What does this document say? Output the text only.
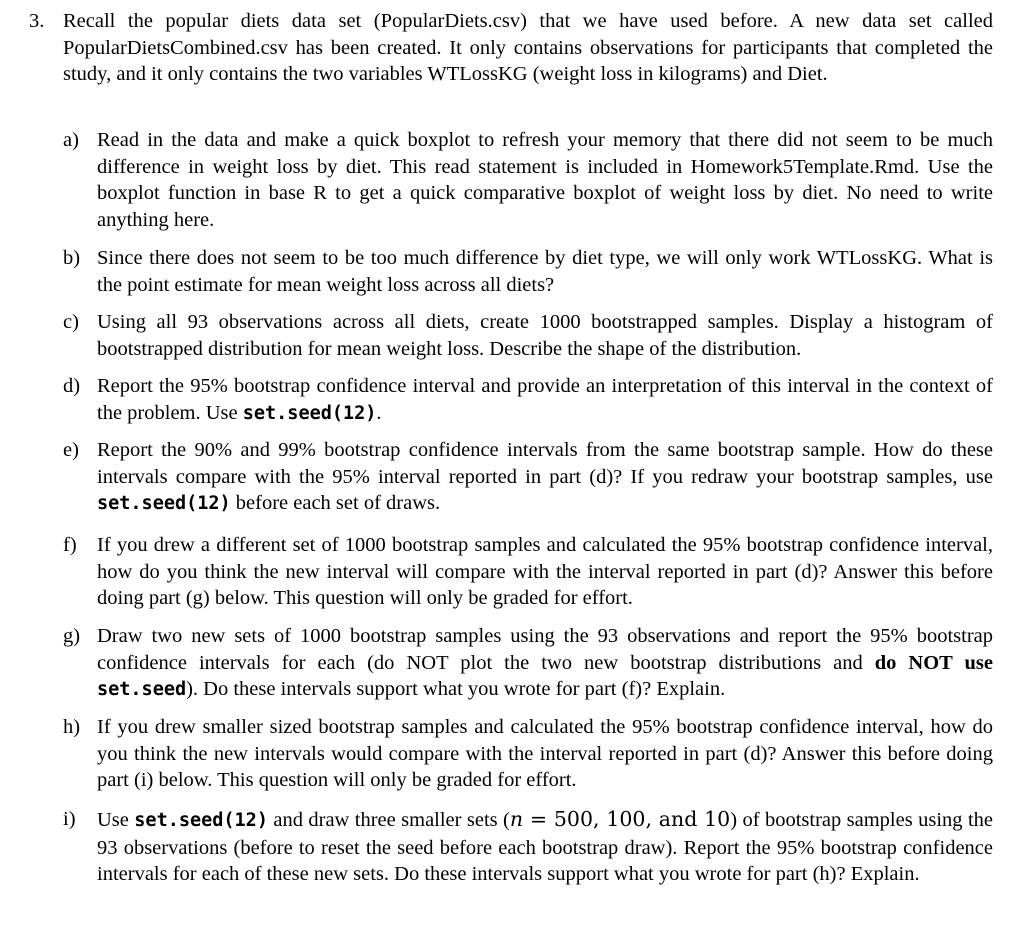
3. Recall the popular diets data set (PopularDiets.csv) that we have used before. A new data set called PopularDietsCombined.csv has been created. It only contains observations for participants that completed the study, and it only contains the two variables WTLossKG (weight loss in kilograms) and Diet.

a) Read in the data and make a quick boxplot to refresh your memory that there did not seem to be much difference in weight loss by diet. This read statement is included in Homework5Template.Rmd. Use the boxplot function in base R to get a quick comparative boxplot of weight loss by diet. No need to write anything here.

b) Since there does not seem to be too much difference by diet type, we will only work WTLossKG. What is the point estimate for mean weight loss across all diets?

c) Using all 93 observations across all diets, create 1000 bootstrapped samples. Display a histogram of bootstrapped distribution for mean weight loss. Describe the shape of the distribution.

d) Report the 95% bootstrap confidence interval and provide an interpretation of this interval in the context of the problem. Use set.seed(12).

e) Report the 90% and 99% bootstrap confidence intervals from the same bootstrap sample. How do these intervals compare with the 95% interval reported in part (d)? If you redraw your bootstrap samples, use set.seed(12) before each set of draws.

f) If you drew a different set of 1000 bootstrap samples and calculated the 95% bootstrap confidence interval, how do you think the new interval will compare with the interval reported in part (d)? Answer this before doing part (g) below. This question will only be graded for effort.

g) Draw two new sets of 1000 bootstrap samples using the 93 observations and report the 95% bootstrap confidence intervals for each (do NOT plot the two new bootstrap distributions and do NOT use set.seed). Do these intervals support what you wrote for part (f)? Explain.

h) If you drew smaller sized bootstrap samples and calculated the 95% bootstrap confidence interval, how do you think the new intervals would compare with the interval reported in part (d)? Answer this before doing part (i) below. This question will only be graded for effort.

i)	Use set.seed(12) and draw three smaller sets (n = 500, 100, and 10) of bootstrap samples using the 93 observations (before to reset the seed before each bootstrap draw). Report the 95% bootstrap confidence intervals for each of these new sets. Do these intervals support what you wrote for part (h)? Explain.
